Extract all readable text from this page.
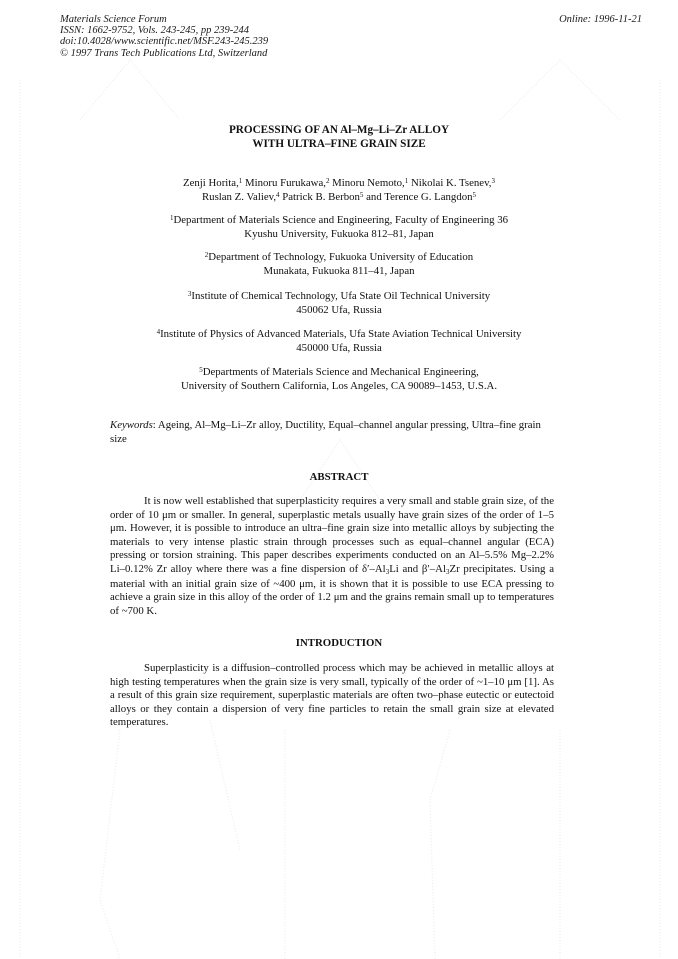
Materials Science Forum
ISSN: 1662-9752, Vols. 243-245, pp 239-244
doi:10.4028/www.scientific.net/MSF.243-245.239
© 1997 Trans Tech Publications Ltd, Switzerland
Online: 1996-11-21
PROCESSING OF AN Al–Mg–Li–Zr ALLOY
WITH ULTRA–FINE GRAIN SIZE
Zenji Horita,$^1$ Minoru Furukawa,$^2$ Minoru Nemoto,$^1$ Nikolai K. Tsenev,$^3$
Ruslan Z. Valiev,$^4$ Patrick B. Berbon$^5$ and Terence G. Langdon$^5$
$^1$Department of Materials Science and Engineering, Faculty of Engineering 36
Kyushu University, Fukuoka 812–81, Japan
$^2$Department of Technology, Fukuoka University of Education
Munakata, Fukuoka 811–41, Japan
$^3$Institute of Chemical Technology, Ufa State Oil Technical University
450062 Ufa, Russia
$^4$Institute of Physics of Advanced Materials, Ufa State Aviation Technical University
450000 Ufa, Russia
$^5$Departments of Materials Science and Mechanical Engineering,
University of Southern California, Los Angeles, CA 90089–1453, U.S.A.
Keywords: Ageing, Al–Mg–Li–Zr alloy, Ductility, Equal–channel angular pressing, Ultra–fine grain size
ABSTRACT
It is now well established that superplasticity requires a very small and stable grain size, of the order of 10 μm or smaller. In general, superplastic metals usually have grain sizes of the order of 1–5 μm. However, it is possible to introduce an ultra–fine grain size into metallic alloys by subjecting the materials to very intense plastic strain through processes such as equal–channel angular (ECA) pressing or torsion straining. This paper describes experiments conducted on an Al–5.5% Mg–2.2% Li–0.12% Zr alloy where there was a fine dispersion of $\delta'-Al_3Li$ and $\beta'-Al_3Zr$ precipitates. Using a material with an initial grain size of ~400 μm, it is shown that it is possible to use ECA pressing to achieve a grain size in this alloy of the order of 1.2 μm and the grains remain small up to temperatures of ~700 K.
INTRODUCTION
Superplasticity is a diffusion–controlled process which may be achieved in metallic alloys at high testing temperatures when the grain size is very small, typically of the order of ~1–10 μm [1]. As a result of this grain size requirement, superplastic materials are often two–phase eutectic or eutectoid alloys or they contain a dispersion of very fine particles to retain the small grain size at elevated temperatures.
